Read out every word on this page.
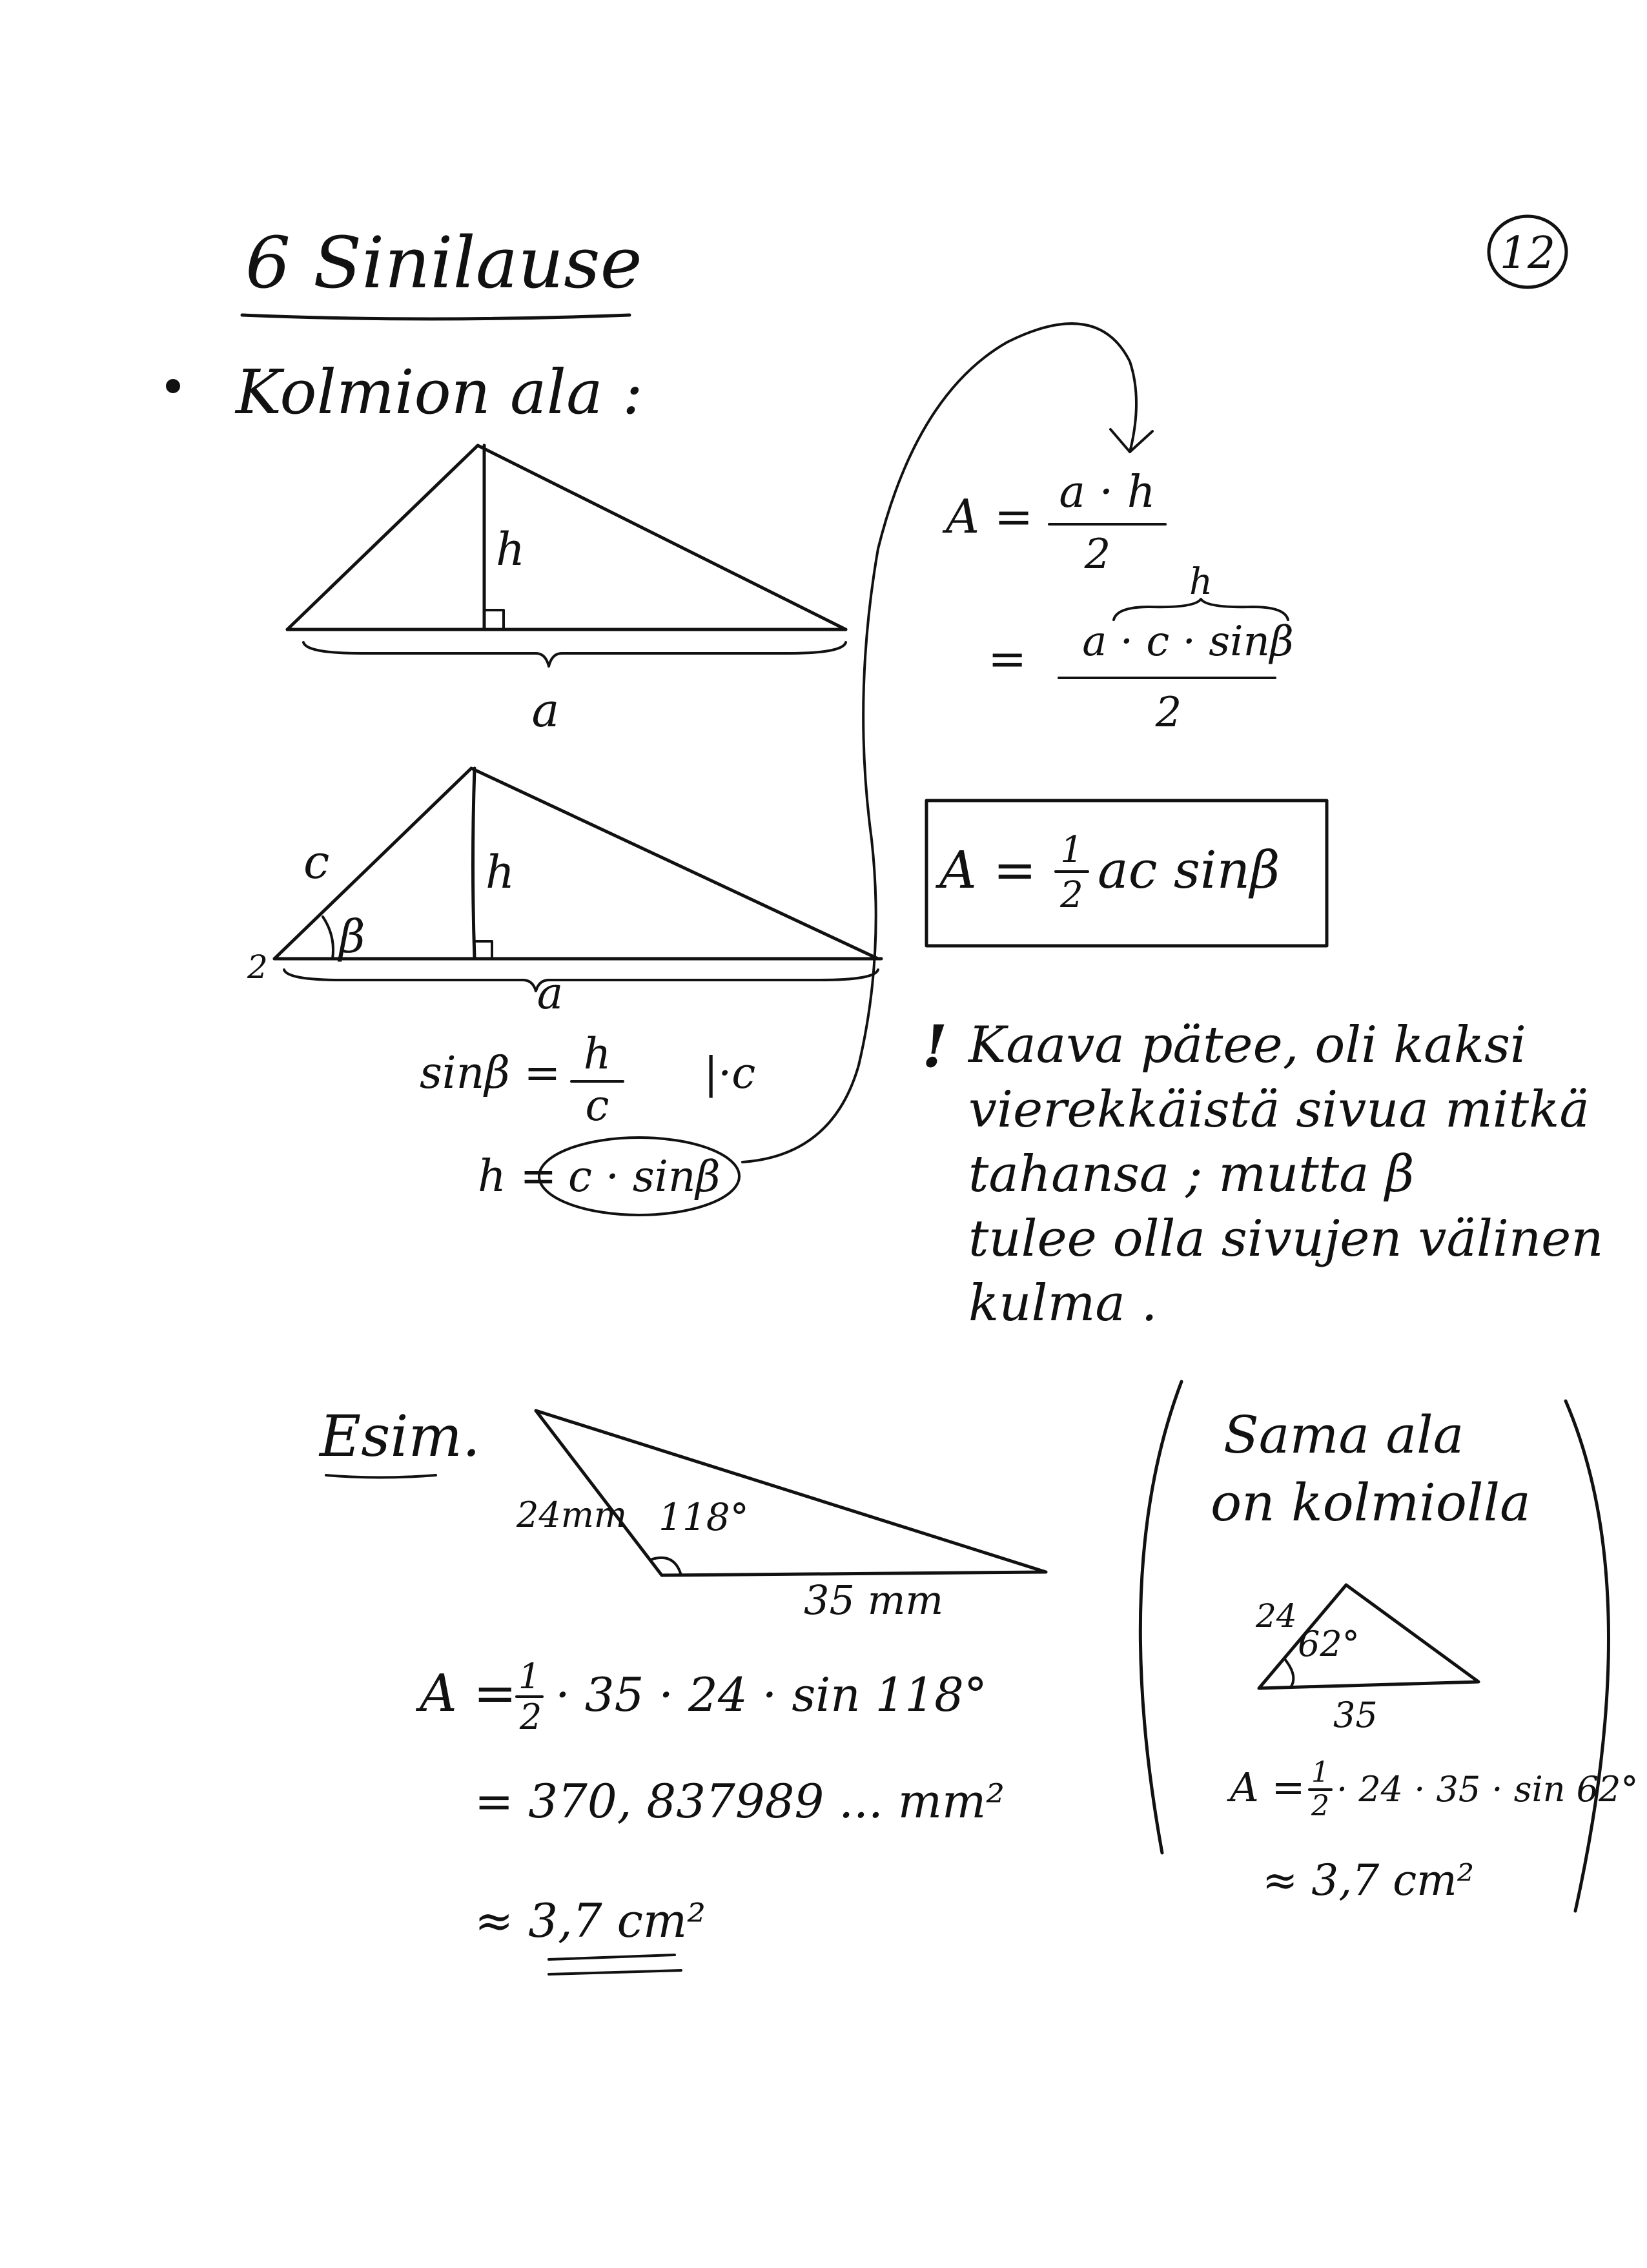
6 Sinilause	12
Kolmion ala :
h
a
c
β
2
h
a
sinβ = h
c
|·c
h = c · sinβ
A = a · h
2
h
= a · c · sinβ
2
A = 1
2 ac sinβ
! Kaava pätee, oli kaksi
vierekkäistä sivua mitkä
tahansa ; mutta β
tulee olla sivujen välinen
kulma .
Esim.
24mm 118°
35 mm
A = 1
2 · 35 · 24 · sin 118°
= 370, 837989 ... mm²
≈ 3,7 cm²
Sama ala
on kolmiolla
24
62°
35
A = 1
2 · 24 · 35 · sin 62°
≈ 3,7 cm²
